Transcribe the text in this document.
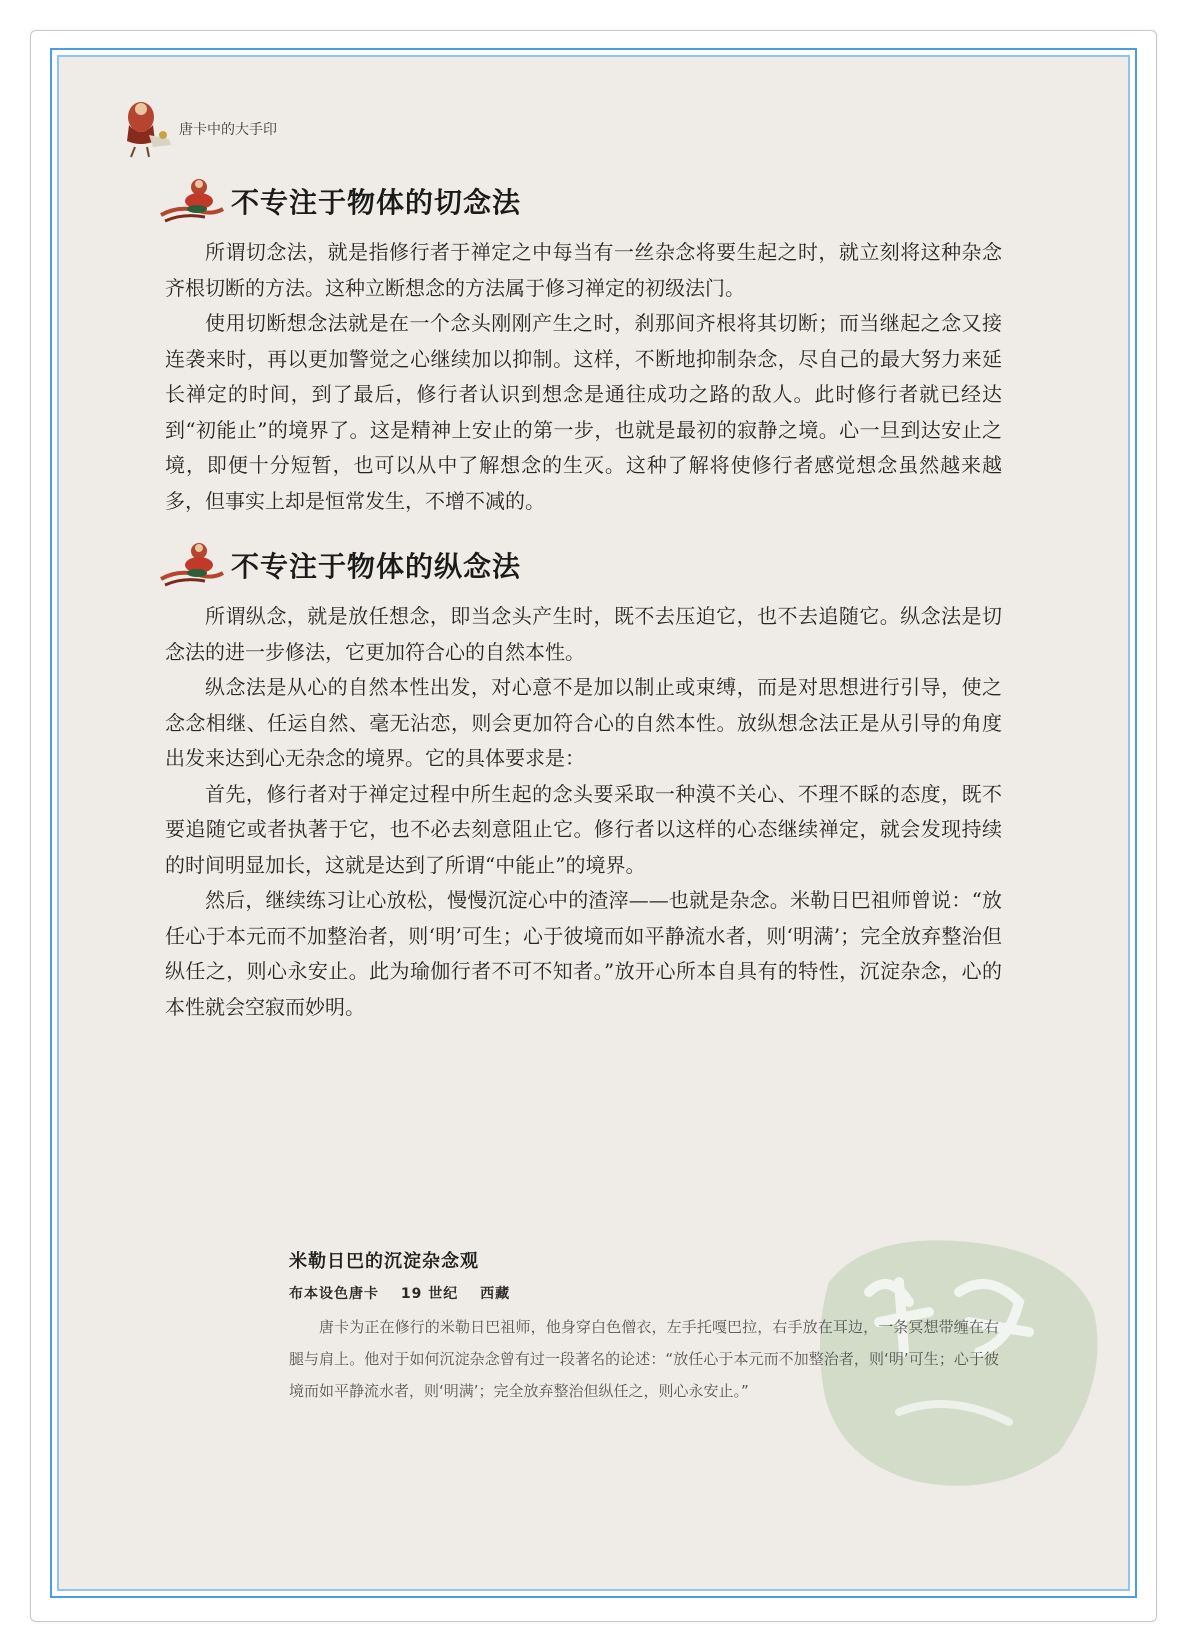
唐卡中的大手印
不专注于物体的切念法

所谓切念法，就是指修行者于禅定之中每当有一丝杂念将要生起之时，就立刻将这种杂念齐根切断的方法。这种立断想念的方法属于修习禅定的初级法门。

使用切断想念法就是在一个念头刚刚产生之时，刹那间齐根将其切断；而当继起之念又接连袭来时，再以更加警觉之心继续加以抑制。这样，不断地抑制杂念，尽自己的最大努力来延长禅定的时间，到了最后，修行者认识到想念是通往成功之路的敌人。此时修行者就已经达到“初能止”的境界了。这是精神上安止的第一步，也就是最初的寂静之境。心一旦到达安止之境，即便十分短暂，也可以从中了解想念的生灭。这种了解将使修行者感觉想念虽然越来越多，但事实上却是恒常发生，不增不减的。

不专注于物体的纵念法

所谓纵念，就是放任想念，即当念头产生时，既不去压迫它，也不去追随它。纵念法是切念法的进一步修法，它更加符合心的自然本性。

纵念法是从心的自然本性出发，对心意不是加以制止或束缚，而是对思想进行引导，使之念念相继、任运自然、毫无沾恋，则会更加符合心的自然本性。放纵想念法正是从引导的角度出发来达到心无杂念的境界。它的具体要求是：

首先，修行者对于禅定过程中所生起的念头要采取一种漠不关心、不理不睬的态度，既不要追随它或者执著于它，也不必去刻意阻止它。修行者以这样的心态继续禅定，就会发现持续的时间明显加长，这就是达到了所谓“中能止”的境界。

然后，继续练习让心放松，慢慢沉淀心中的渣滓——也就是杂念。米勒日巴祖师曾说：“放任心于本元而不加整治者，则‘明’可生；心于彼境而如平静流水者，则‘明满’；完全放弃整治但纵任之，则心永安止。此为瑜伽行者不可不知者。”放开心所本自具有的特性，沉淀杂念，心的本性就会空寂而妙明。

米勒日巴的沉淀杂念观
布本设色唐卡 19 世纪 西藏
唐卡为正在修行的米勒日巴祖师，他身穿白色僧衣，左手托嘎巴拉，右手放在耳边，一条冥想带缠在右腿与肩上。他对于如何沉淀杂念曾有过一段著名的论述：“放任心于本元而不加整治者，则‘明’可生；心于彼境而如平静流水者，则‘明满’；完全放弃整治但纵任之，则心永安止。”
